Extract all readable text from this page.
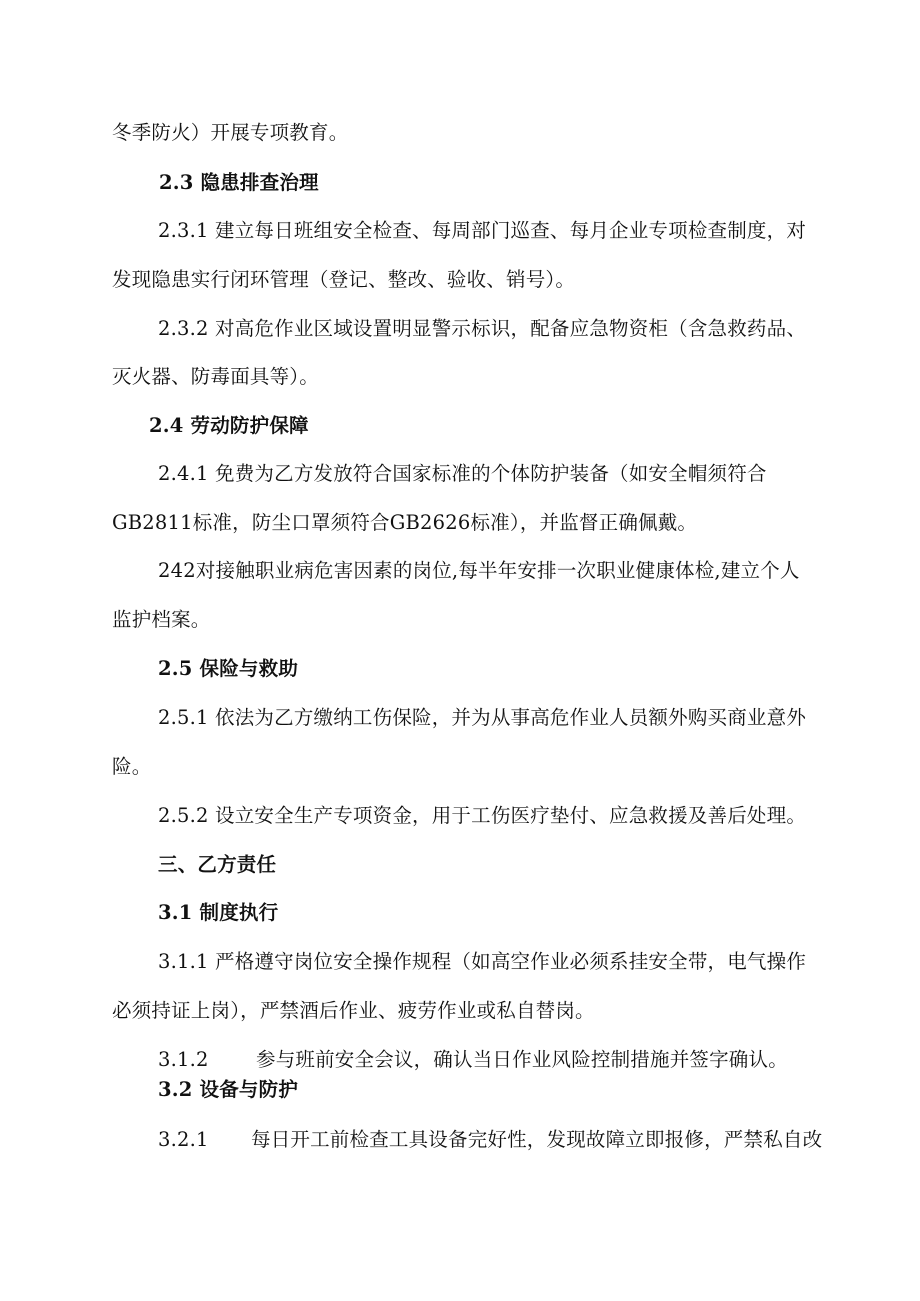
冬季防火）开展专项教育。
2.3 隐患排查治理
2.3.1 建立每日班组安全检查、每周部门巡查、每月企业专项检查制度，对
发现隐患实行闭环管理（登记、整改、验收、销号）。
2.3.2 对高危作业区域设置明显警示标识，配备应急物资柜（含急救药品、
灭火器、防毒面具等）。
2.4 劳动防护保障
2.4.1 免费为乙方发放符合国家标准的个体防护装备（如安全帽须符合
GB2811标准，防尘口罩须符合GB2626标准），并监督正确佩戴。
242对接触职业病危害因素的岗位,每半年安排一次职业健康体检,建立个人
监护档案。
2.5 保险与救助
2.5.1 依法为乙方缴纳工伤保险，并为从事高危作业人员额外购买商业意外
险。
2.5.2 设立安全生产专项资金，用于工伤医疗垫付、应急救援及善后处理。
三、乙方责任
3.1 制度执行
3.1.1 严格遵守岗位安全操作规程（如高空作业必须系挂安全带，电气操作
必须持证上岗），严禁酒后作业、疲劳作业或私自替岗。
3.1.2 参与班前安全会议，确认当日作业风险控制措施并签字确认。
3.2 设备与防护
3.2.1 每日开工前检查工具设备完好性，发现故障立即报修，严禁私自改
